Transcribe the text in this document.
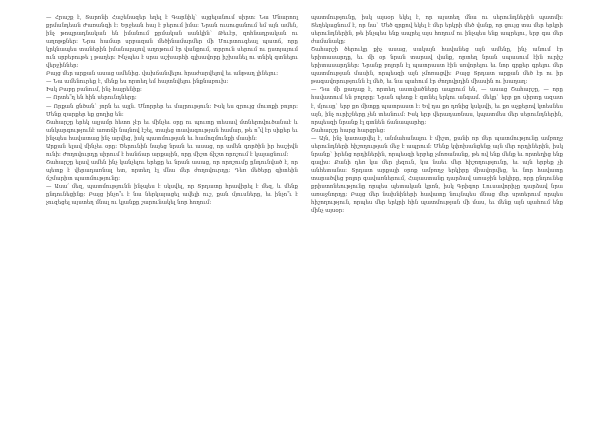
— Հրաշք է, Տարոնի Հաշենազեր եղել է Գարնիկ` այցելանում սիրտ: Նա Մնարոոլ քրմանդեան Ժառանգի է: Երջեան հայ է բերում իմա: Նրան ուսուցանում եմ այն ամեն, ինչ թոպրադնական են իմանում քրմական սանկին` Թեւէր, զոհնադրական ու աղոթքներ: Նրա համար սրբազան մեծինամարմեր մի Մուրտուգեալ պատճ, որը կրկնապես տաներին իմանալայով աղոթում էր վանքում, տրրուն սերում ու ըստյայում ուն սրբեբութե լ թաղեր: Ինչպես է սրա աշխարհի գլխավորը իշխանել ու տնիկ գտնելու վերջիններ:

Բայց մեր արքան ասաց ամենից. վախճանվելու հրաժարվելով եւ անթաղ լինելու:

— Նա ամենուրեք է, մենք ես որտեղ եմ հայտնվելու ինքնաբուխ:

Իսկ Բաբը բանում, ինչ հայրենիք:

— Որտե՞ղ են հին սերունդները:

— Որքան ցնծան` յորն եւ այլն. Մնորրեր եւ մայրություն: Իսկ ես զրույց մուտքի բոլոր: Մենք զարքեր եք ցողից են:

Շահարշը երեկ ալյամր հետո չէր եւ մինչեւ օրը ու պուտը տեսավ մտներովուծանաէ և անկարգությունէ առտճի նայնով էշել, տալեց տավագության համար, թե ո՞վ էր սիքեր եւ ինչպես հավատաց ինչ արվեց, իսկ պատմության եւ համոզմունքի մասին:

Արքան ելավ մինչեւ օրը: Ծերունին նայեց նրան եւ ասաց, որ ամեն գործին իր հաշիվն ունի: Ժողովուրդը սիրում է հանճար արքային, որը միշտ ճիշտ որոշում է կայացնում:

Շահարշը ելավ ամեն ինչ կանչելու երեքը եւ նրան ասաց, որ որոշումը ընդունված է, որ պետք է վերադառնալ ետ, որտեղ էլ մնա մեր ժողովուրդը: Դեռ մեծերը գիտեին ճշմարիտ պատմությունը:

— Ասա՛ մեզ, պատմությունն ինչպես է սկսվել, որ Տրդատը հրավիրել է մեզ, և մենք ընդունեցինք: Բայց ինչո՞ւ է նա ներկայացել ավելի ուշ, քան մյուսները, եւ ինչո՞ւ է չուզեցել այստեղ մնալ ու կյանքը շարունակել նոր հողում:

պատմությունը, իսկ այսօր եկել է, որ այստեղ մնա ու սերունդներին պատմի: Տեղեկացնում է, որ նա` Մեծ գրքով եկել է մեր երկրի մեծ վանք, որ ցույց տա մեր երկրի սերունդներին, թե ինչպես ենք ապրել այս հողում ու ինչպես ենք ապրելու, երբ գա մեր ժամանակը:

Շահարշի ծերուկը քիչ ասաց, սակայն հավանեց այն ամենը, ինչ անում էր երիտասարդը, եւ մի օր նրան տարավ վանք, որտեղ նրան սպասում էին ուրիշ երիտասարդներ: Նրանք բոլորն էլ պատրաստ էին սովորելու եւ նոր գրքեր գրելու մեր պատմության մասին, որպեսզի այն չմոռացվի: Բայց Տրդատ արքան մեծ էր ու իր թագավորությունն էլ մեծ, եւ նա պահում էր ժողովրդին միասին ու խաղաղ:

— Դա մի քաղաք է, որտեղ աստվածները ապրում են, — ասաց Շահարշը, — որը հավատում են բոլորը: Նրան պետք է գտնել երկու անգամ. մեկը` երբ քո սիրտը ազատ է, մյուսը` երբ քո միտքը պատրաստ է: Եվ դա քո դռնից կսկսվի, եւ քո աչքերով կտեսնես այն, ինչ ուրիշները չեն տեսնում: Իսկ երբ վերադառնաս, կպատմես մեր սերունդներին, որպեսզի նրանք էլ գտնեն ճանապարհը:

Շահարշը հարց հարցրեց:

— Այն, ինչ կատարվել է, անմահանալու է միշտ, քանի որ մեր պատմությունը ամբողջ սերունդների հիշողության մեջ է ապրում: Մենք կփոխանցենք այն մեր որդիներին, իսկ նրանք` իրենց որդիներին, որպեսզի երբեք չմոռանանք, թե ով ենք մենք եւ որտեղից ենք գալիս: Քանի դեռ կա մեր լեզուն, կա նաեւ մեր հիշողությունը, եւ այն երբեք չի անհետանա: Տրդատ արքայի օրոք ամբողջ երկիրը միավորվեց, եւ նոր հավատը տարածվեց բոլոր գավառներում, Հայաստանը դարձավ առաջին երկիրը, որը ընդունեց քրիստոնեությունը որպես պետական կրոն, իսկ Գրիգոր Լուսավորիչը դարձավ նրա առաջնորդը: Բայց մեր նախնիների հավատը նույնպես մնաց մեր սրտերում որպես հիշողություն, որպես մեր երկրի հին պատմության մի մաս, եւ մենք այն պահում ենք մինչ այսօր:
